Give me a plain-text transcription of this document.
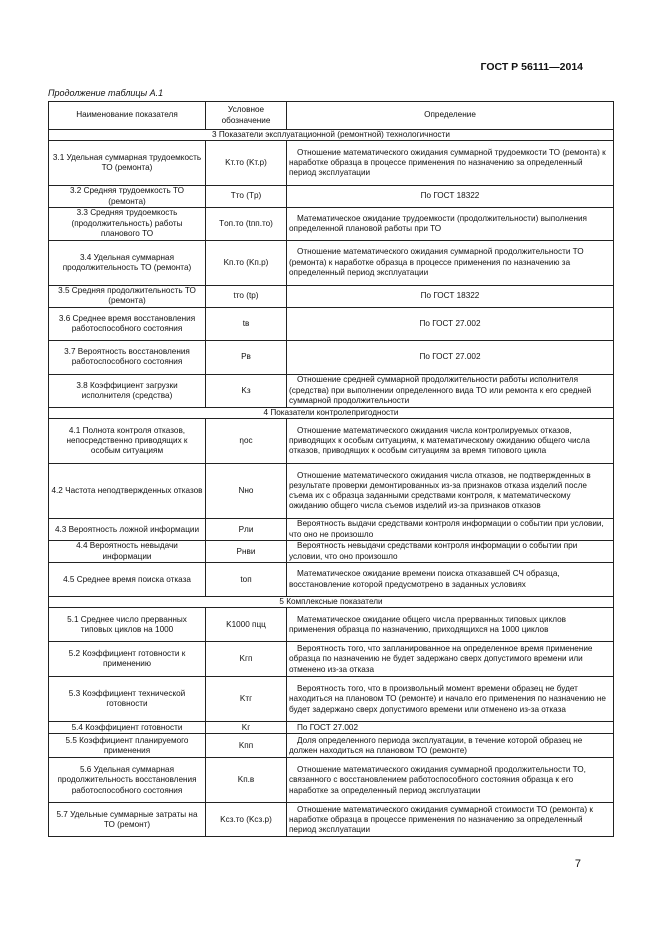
ГОСТ Р 56111—2014
Продолжение таблицы А.1
Наименование показателя	Условное обозначение	Определение
3 Показатели эксплуатационной (ремонтной) технологичности		
3.1 Удельная суммарная трудоемкость ТО (ремонта)	Kт.то (Kт.р)	Отношение математического ожидания суммарной трудоемкости ТО (ремонта) к наработке образца в процессе применения по назначению за определенный период эксплуатации
3.2 Средняя трудоемкость ТО (ремонта)	Tто (Tр)	По ГОСТ 18322
3.3 Средняя трудоемкость (продолжительность) работы планового ТО	Tоп.то (tпп.то)	Математическое ожидание трудоемкости (продолжительности) выполнения определенной плановой работы при ТО
3.4 Удельная суммарная продолжительность ТО (ремонта)	Kп.то (Kп.р)	Отношение математического ожидания суммарной продолжительности ТО (ремонта) к наработке образца в процессе применения по назначению за определенный период эксплуатации
3.5 Средняя продолжительность ТО (ремонта)	tто (tр)	По ГОСТ 18322
3.6 Среднее время восстановления работоспособного состояния	tв	По ГОСТ 27.002
3.7 Вероятность восстановления работоспособного состояния	Pв	По ГОСТ 27.002
3.8 Коэффициент загрузки исполнителя (средства)	Kз	Отношение средней суммарной продолжительности работы исполнителя (средства) при выполнении определенного вида ТО или ремонта к его средней суммарной продолжительности
4 Показатели контролепригодности		
4.1 Полнота контроля отказов, непосредственно приводящих к особым ситуациям	ηос	Отношение математического ожидания числа контролируемых отказов, приводящих к особым ситуациям, к математическому ожиданию общего числа отказов, приводящих к особым ситуациям за время типового цикла
4.2 Частота неподтвержденных отказов	Nно	Отношение математического ожидания числа отказов, не подтвержденных в результате проверки демонтированных из-за признаков отказа изделий после съема их с образца заданными средствами контроля, к математическому ожиданию общего числа съемов изделий из-за признаков отказов
4.3 Вероятность ложной информации	Pли	Вероятность выдачи средствами контроля информации о событии при условии, что оно не произошло
4.4 Вероятность невыдачи информации	Pнви	Вероятность невыдачи средствами контроля информации о событии при условии, что оно произошло
4.5 Среднее время поиска отказа	tоп	Математическое ожидание времени поиска отказавшей СЧ образца, восстановление которой предусмотрено в заданных условиях
5 Комплексные показатели		
5.1 Среднее число прерванных типовых циклов на 1000	K1000 пцц	Математическое ожидание общего числа прерванных типовых циклов применения образца по назначению, приходящихся на 1000 циклов
5.2 Коэффициент готовности к применению	Kгп	Вероятность того, что запланированное на определенное время применение образца по назначению не будет задержано сверх допустимого времени или отменено из-за отказа
5.3 Коэффициент технической готовности	Kтг	Вероятность того, что в произвольный момент времени образец не будет находиться на плановом ТО (ремонте) и начало его применения по назначению не будет задержано сверх допустимого времени или отменено из-за отказа
5.4 Коэффициент готовности	Kг	По ГОСТ 27.002
5.5 Коэффициент планируемого применения	Kпп	Доля определенного периода эксплуатации, в течение которой образец не должен находиться на плановом ТО (ремонте)
5.6 Удельная суммарная продолжительность восстановления работоспособного состояния	Kп.в	Отношение математического ожидания суммарной продолжительности ТО, связанного с восстановлением работоспособного состояния образца к его наработке за определенный период эксплуатации
5.7 Удельные суммарные затраты на ТО (ремонт)	Kсз.то (Kсз.р)	Отношение математического ожидания суммарной стоимости ТО (ремонта) к наработке образца в процессе применения по назначению за определенный период эксплуатации
7
